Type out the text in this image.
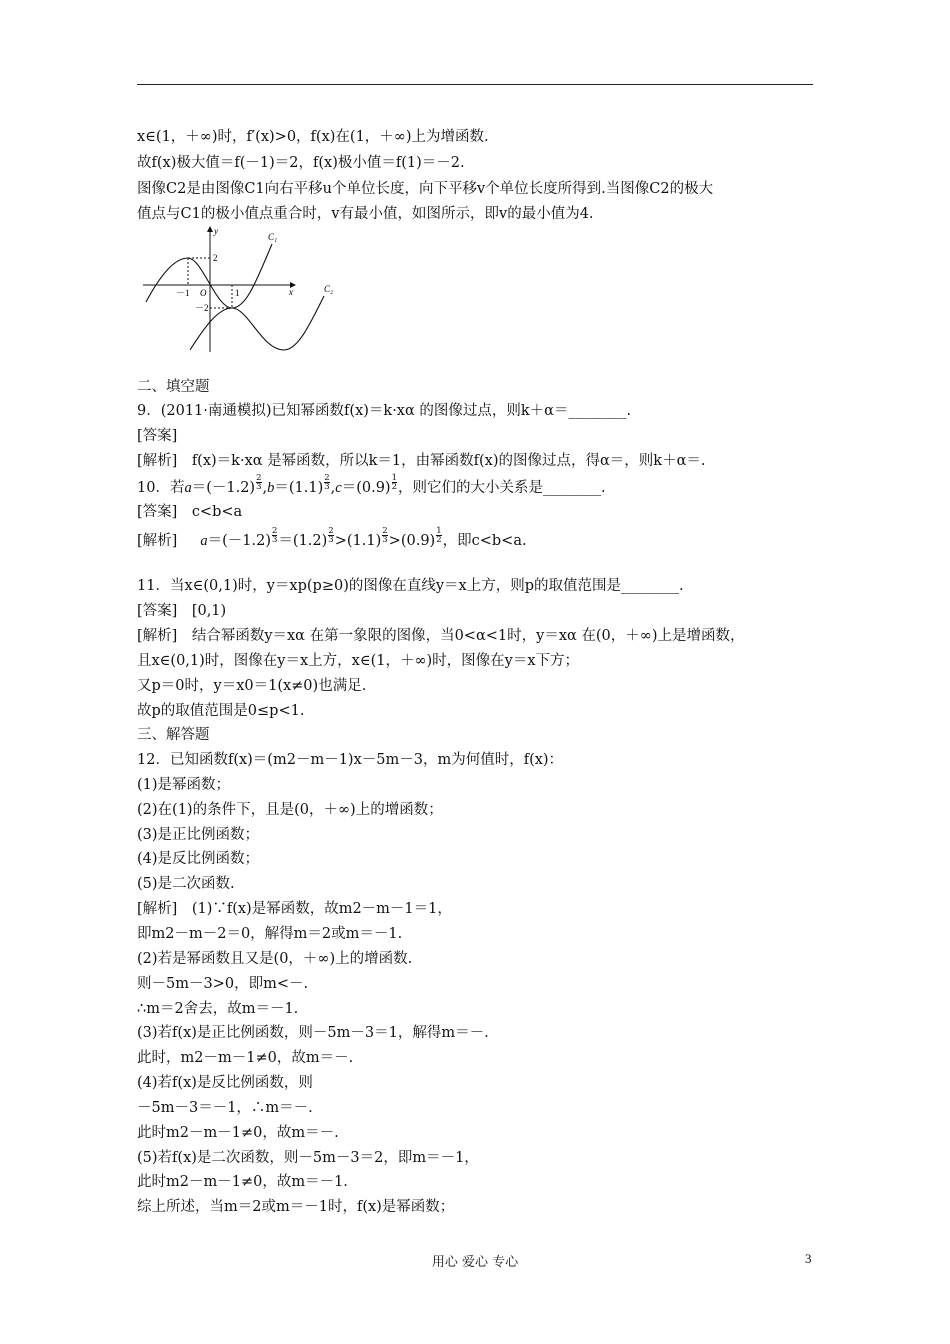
x∈(1，＋∞)时，f′(x)>0，f(x)在(1，＋∞)上为增函数.
故f(x)极大值＝f(－1)＝2，f(x)极小值＝f(1)＝－2.
图像C2是由图像C1向右平移u个单位长度，向下平移v个单位长度所得到.当图像C2的极大
值点与C1的极小值点重合时，v有最小值，如图所示，即v的最小值为4.
y
x
O
2
－2
－1	1
C₁
C₂
二、填空题
9．(2011·南通模拟)已知幂函数f(x)＝k·xα 的图像过点，则k＋α＝________.
[答案]
[解析]　f(x)＝k·xα 是幂函数，所以k＝1，由幂函数f(x)的图像过点，得α＝，则k＋α＝.
10．若$a=(-1.2) \frac{2}{3} ,b=(1.1) \frac{2}{3} ,c=(0.9) \frac{1}{2}$ ，则它们的大小关系是________.
[答案]　c<b<a
[解析] $a=(-1.2) \frac{2}{3} =(1.2) \frac{2}{3} >(1.1) \frac{2}{3} >(0.9) \frac{1}{2}$ ，即c<b<a.
11．当x∈(0,1)时，y＝xp(p≥0)的图像在直线y＝x上方，则p的取值范围是________.
[答案]　[0,1)
[解析]　结合幂函数y＝xα 在第一象限的图像，当0<α<1时，y＝xα 在(0，＋∞)上是增函数，
且x∈(0,1)时，图像在y＝x上方，x∈(1，＋∞)时，图像在y＝x下方；
又p＝0时，y＝x0＝1(x≠0)也满足.
故p的取值范围是0≤p<1.
三、解答题
12．已知函数f(x)＝(m2－m－1)x－5m－3，m为何值时，f(x)：
(1)是幂函数；
(2)在(1)的条件下，且是(0，＋∞)上的增函数；
(3)是正比例函数；
(4)是反比例函数；
(5)是二次函数.
[解析]　(1)∵f(x)是幂函数，故m2－m－1＝1，
即m2－m－2＝0，解得m＝2或m＝－1.
(2)若是幂函数且又是(0，＋∞)上的增函数.
则－5m－3>0，即m<－.
∴m＝2舍去，故m＝－1.
(3)若f(x)是正比例函数，则－5m－3＝1，解得m＝－.
此时，m2－m－1≠0，故m＝－.
(4)若f(x)是反比例函数，则
－5m－3＝－1，∴m＝－.
此时m2－m－1≠0，故m＝－.
(5)若f(x)是二次函数，则－5m－3＝2，即m＝－1，
此时m2－m－1≠0，故m＝－1.
综上所述，当m＝2或m＝－1时，f(x)是幂函数；
用心 爱心 专心	3
